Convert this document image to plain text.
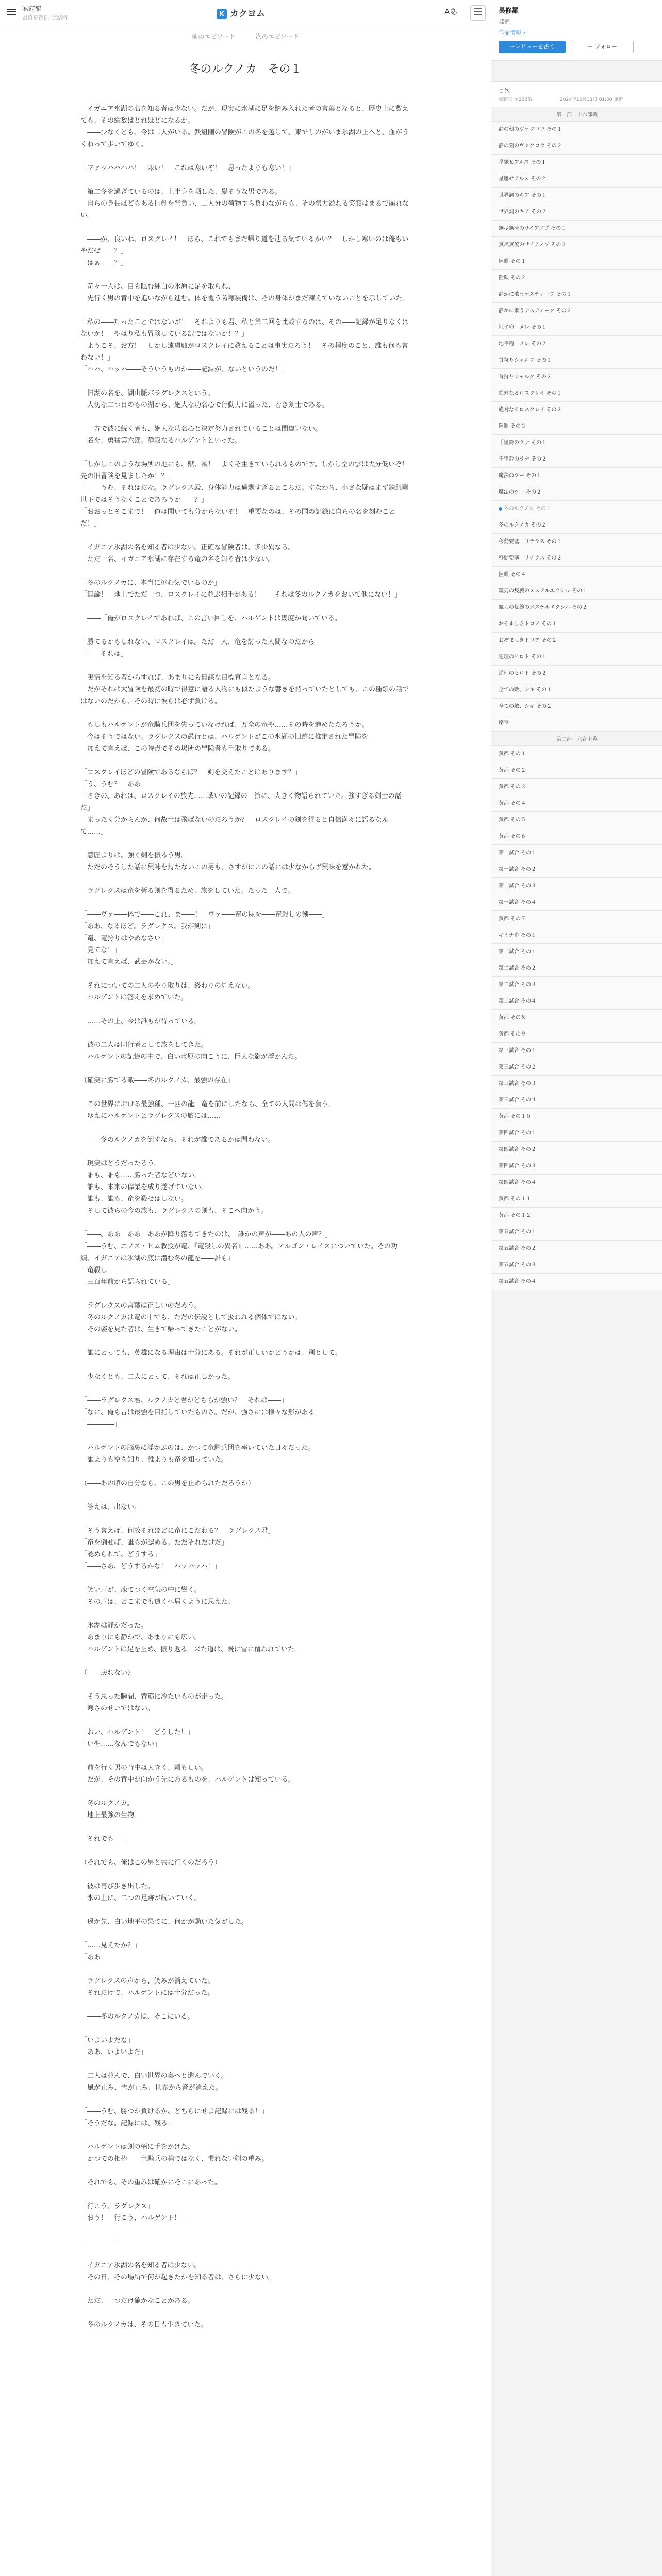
冥府龍
最終更新日: 完結済
K カクヨム	Aあ
前のエピソード	次のエピソード
冬のルクノカ　その１

　イガニア氷湖の名を知る者は少ない。だが、現実に氷湖に足を踏み入れた者の言葉となると、歴史上に数えても、その総数はどれほどになるか。

　――少なくとも、今は二人がいる。鉄紐剛の冒険がこの冬を越して、東でしのがいま氷湖の上へと、血がうくねって歩いてゆく。

「ファッハハハハ！　寒い！　これは寒いぞ！　思ったよりも寒い！」

　第二冬を過ぎているのは、上半身を晒した、髪そうな男である。

　自らの身長ほどもある巨剣を背負い、二人分の荷物すら負わながらも、その気力溢れる笑顔はまるで崩れない。

「――が、良いね、ロスクレイ！　ほら、これでもまだ帰り道を辿る気でいるかい？　しかし寒いのは俺もいやだぜ――？」

「はぁ――？」

　苛々一人は、目も眩む純白の氷原に足を取られ、

　先行く男の背中を追いながら進む。体を覆う防寒装備は、その身体がまだ凍えていないことを示していた。

「私の――知ったことではないが！　それよりも君、私と第二回を比較するのは、その――記録が足りなくはないか！　やはり私も冒険している訳ではないか！？」

「ようこそ、お方！　しかし遠慮願がロスクレイに教えることは事実だろう！　その程度のこと、誰も何も言わない！」

「ハハ、ハッハ――そういうものか――記録が、ないというのだ！」

　旧湖の名を、湖山脈ボラグレクスという。

　大切な二つ目のもの湖から、絶大な功名心で行動力に溢った、若き剣士である。

　一方で彼に続く者も、絶大な功名心と決定努力されていることは間違いない。

　名を、勇猛第六郎。静寂なるハルゲントといった。

「しかしこのような場所の地にも、獣、獣！　よくぞ生きていられるものです。しかし空の雲は大分低いぞ！　先の旧冒険を見ましたか！？」

「――うむ、それはだな。ラグレクス殿、身体能力は過剰すぎるところだ。すなわち、小さな疑はまず鉄紐剛世下ではそうなくことであろうか――？」

「おおっとそこまで！　俺は聞いても分からないぞ！　重要なのは、その国の記録に自らの名を刻むことだ！」

　イガニア氷湖の名を知る者は少ない。正確な冒険者は、多少異なる。

　ただ一名、イガニア氷湖に存在する竜の名を知る者は少ない。

「冬のルクノカに、本当に挑む気でいるのか」

「無論！　地上でただ一つ、ロスクレイに並ぶ相手がある！――それは冬のルクノカをおいて他にない！」

　――「俺がロスクレイであれば、この言い回しを、ハルゲントは幾度か聞いている。

「勝てるかもしれない、ロスクレイは。ただ一人、竜を討った人間なのだから」

「――それは」

　実情を知る者からすれば、あまりにも無謀な目標宣言となる。

　だがそれは大冒険を最初の時で得意に語る人物にも似たような響きを持っていたとしても、この種類の話ではないのだから、その時に彼らは必ず負ける。

　もしもハルゲントが竜騎兵団を失っていなければ、万全の竜や……その時を進めただろうか。

　今はそうではない。ラグレクスの愚行とは、ハルゲントがこの氷湖の旧跡に推定された冒険を

　加えて言えば、この時点でその場所の冒険者も手取りである。

「ロスクレイほどの冒険であるならば？　剣を交えたことはあります？」

「う、うむ？　ああ」

「さきの、あれは、ロスクレイの旅先……戦いの記録の一節に、大きく物語られていた。強すぎる剣士の話だ」

「まったく分からんが、何故竜は飛ばないのだろうか？　ロスクレイの剣を得ると自信満々に語るなんて……」

　意匠よりは、強く剣を振るう男。

　ただのそうした話に興味を持たないこの男も、さすがにこの話には少なからず興味を惹かれた。

　ラグレクスは竜を斬る剣を得るため、旅をしていた。たった一人で。

「――ヴァ――体で――これ、ま――！　ヴァ――竜の屍を――竜殺しの剣――」

「ああ、なるほど。ラグレクス。我が剣に」

「竜、竜狩りはやめなさい」

「見てな！」

「加えて言えば、武芸がない。」

　それについての二人のやり取りは、終わりの見えない。

　ハルゲントは答えを求めていた。

　……その上、今は誰もが待っている。

　彼の二人は同行者として旅をしてきた。

　ハルゲントの記憶の中で、白い氷原の向こうに、巨大な影が浮かんだ。

（確実に勝てる敵――冬のルクノカ、最強の存在」

　この世界における最強種、一匹の龍。竜を前にしたなら、全ての人間は傷を負う。

　ゆえにハルゲントとラグレクスの旅には……

　――冬のルクノカを倒すなら、それが誰であるかは問わない。

　現実はどうだったろう。

　誰も、誰も……勝った者などいない。

　誰も、本来の偉業を成り遂げていない。

　誰も、誰も、竜を殺せはしない。

　そして彼らの今の旅も、ラグレクスの剣も、そこへ向かう。

「――、ああ　ああ　ああが降り落ちてきたのは、　誰かの声が――あの人の声？」

「――うむ、エノズ・ヒム教授が竜、『竜殺しの異名』……ああ。アルゴン・レイスについていた。その功績、イガニアは氷湖の底に潜む冬の龍を――誰も」

「竜殺し――」

「三百年前から語られている」

　ラグレクスの言葉は正しいのだろう。

　冬のルクノカは竜の中でも、ただの伝説として扱われる個体ではない。

　その姿を見た者は、生きて帰ってきたことがない。

　誰にとっても、英雄になる理由は十分にある。それが正しいかどうかは、別として。

　少なくとも、二人にとって、それは正しかった。

「――ラグレクス君、ルクノカと君がどちらが強い？　それは――」

「なに、俺も昔は最強を目指していたものさ。だが、強さには様々な形がある」

「――――」

　ハルゲントの脳裏に浮かぶのは、かつて竜騎兵団を率いていた日々だった。

　誰よりも空を知り、誰よりも竜を知っていた。

（――あの頃の自分なら、この男を止められただろうか）

　答えは、出ない。

「そう言えば、何故それほどに竜にこだわる？　ラグレクス君」

「竜を倒せば、誰もが認める。ただそれだけだ」

「認められて、どうする」

「――さあ、どうするかな！　ハッハッハ！」

　笑い声が、凍てつく空気の中に響く。

　その声は、どこまでも遠くへ届くように思えた。

　氷湖は静かだった。

　あまりにも静かで、あまりにも広い。

　ハルゲントは足を止め、振り返る。来た道は、既に雪に覆われていた。

（――戻れない）

　そう思った瞬間、背筋に冷たいものが走った。

　寒さのせいではない。

「おい、ハルゲント！　どうした！」

「いや……なんでもない」

　前を行く男の背中は大きく、頼もしい。

　だが、その背中が向かう先にあるものを、ハルゲントは知っている。

　冬のルクノカ。

　地上最強の生物。

　それでも――

（それでも、俺はこの男と共に行くのだろう）

　彼は再び歩き出した。

　氷の上に、二つの足跡が続いていく。

　遥か先、白い地平の果てに、何かが動いた気がした。

「……見えたか？」

「ああ」

　ラグレクスの声から、笑みが消えていた。

　それだけで、ハルゲントには十分だった。

　――冬のルクノカは、そこにいる。

「いよいよだな」

「ああ、いよいよだ」

　二人は並んで、白い世界の奥へと進んでいく。

　風が止み、雪が止み、世界から音が消えた。

「――うむ、勝つか負けるか、どちらにせよ記録には残る！」

「そうだな。記録には、残る」

　ハルゲントは剣の柄に手をかけた。

　かつての相棒――竜騎兵の槍ではなく、慣れない剣の重み。

　それでも、その重みは確かにそこにあった。

「行こう、ラグレクス」

「おう！　行こう、ハルゲント！」

　――――

　イガニア氷湖の名を知る者は少ない。

　その日、その場所で何が起きたかを知る者は、さらに少ない。

　ただ、一つだけ確かなことがある。

　冬のルクノカは、その日も生きていた。

異修羅
珪素
作品情報 ›
＋レビューを書く	＋ フォロー
目次
更新日 全222話　　　　　　2024年10月31日 01:00 更新
第一部　十六部戦
静の刻のヴァクロウ その１
静の刻のヴァクロウ その２
星馳せアルス その１
星馳せアルス その２
世界詞のキア その１
世界詞のキア その２
無尽無流のサイアノプ その１
無尽無流のサイアノプ その２
陸眼 その１
陸眼 その２
静かに歌うナスティーク その１
静かに歌うナスティーク その２
地平咆　メレ その１
地平咆　メレ その２
首狩りシャルク その１
首狩りシャルク その２
絶対なるロスクレイ その１
絶対なるロスクレイ その２
陸眼 その３
千里鈴のラナ その１
千里鈴のラナ その２
魔法のツー その１
魔法のツー その２
● 冬のルクノカ その１
冬のルクノカ その２
移動要塞　リチラス その１
移動要塞　リチラス その２
陸眼 その４
鏡刃の隻腕のメステルエクシル その１
鏡刃の隻腕のメステルエクシル その２
おぞましきトロア その１
おぞましきトロア その２
逆理のヒロト その１
逆理のヒロト その２
全ての敵、シキ その１
全ての敵、シキ その２
序章
第二部　六合上覧
黄都 その１
黄都 その２
黄都 その３
黄都 その４
黄都 その５
黄都 その６
第一試合 その１
第一試合 その２
第一試合 その３
第一試合 その４
黄都 その７
ギミナ市 その１
第二試合 その１
第二試合 その２
第二試合 その３
第二試合 その４
黄都 その８
黄都 その９
第三試合 その１
第三試合 その２
第三試合 その３
第三試合 その４
黄都 その１０
第四試合 その１
第四試合 その２
第四試合 その３
第四試合 その４
黄都 その１１
黄都 その１２
第五試合 その１
第五試合 その２
第五試合 その３
第五試合 その４
